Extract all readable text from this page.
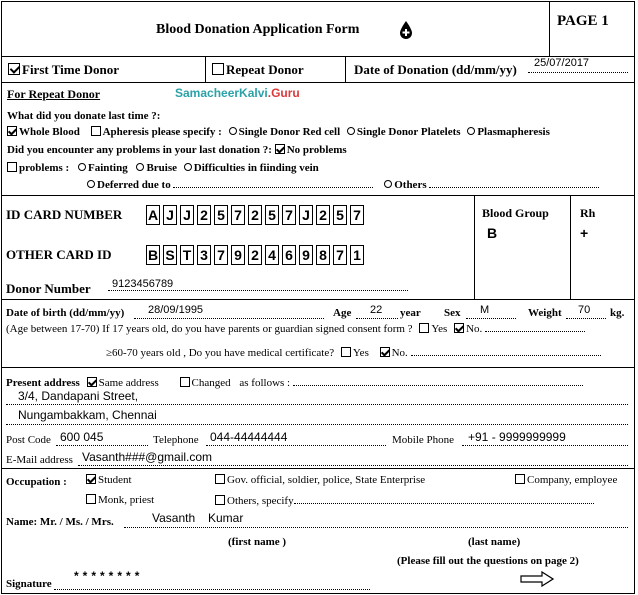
Blood Donation Application Form
PAGE 1
First Time Donor	Repeat Donor	Date of Donation (dd/mm/yy) 25/07/2017
For Repeat Donor	SamacheerKalvi.Guru
What did you donate last time ?:
Whole Blood Apheresis please specify : Single Donor Red cell Single Donor Platelets Plasmapheresis
Did you encounter any problems in your last donation ?: No problems
problems : Fainting Bruise Difficulties in fiinding vein
Deferred due to	Others
ID CARD NUMBER A J J 2 5 7 2 5 7 J 2 5 7
OTHER CARD ID	B S T 3 7 9 2 4 6 9 8 7 1
Donor Number 9123456789
Blood Group
B
Rh
+
Date of birth (dd/mm/yy) 28/09/1995	Age 22 year Sex M	Weight 70 kg.
(Age between 17-70) If 17 years old, do you have parents or guardian signed consent form ? Yes No.
≥60-70 years old , Do you have medical certificate? Yes No.
Present address Same address	Changed as follows :
3/4, Dandapani Street,
Nungambakkam, Chennai
Post Code 600 045	Telephone 044-44444444	Mobile Phone +91 - 9999999999
E-Mail address Vasanth###@gmail.com
Occupation :	Student	Gov. official, soldier, police, State Enterprise	Company, employee
Monk, priest	Others, specify
Name: Mr. / Ms. / Mrs.	Vasanth Kumar
(first name )	(last name)
(Please fill out the questions on page 2)
Signature
********
